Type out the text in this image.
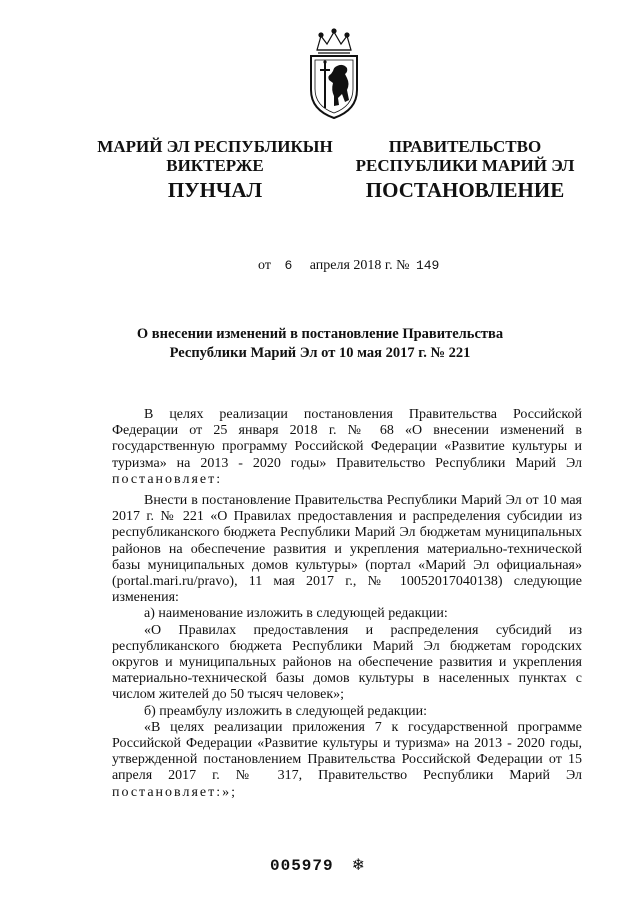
МАРИЙ ЭЛ РЕСПУБЛИКЫН
ВИКТЕРЖЕ
ПУНЧАЛ
ПРАВИТЕЛЬСТВО
РЕСПУБЛИКИ МАРИЙ ЭЛ
ПОСТАНОВЛЕНИЕ
от 6 апреля 2018 г. № 149
О внесении изменений в постановление Правительства
Республики Марий Эл от 10 мая 2017 г. № 221

В целях реализации постановления Правительства Российской Федерации от 25 января 2018 г. № 68 «О внесении изменений в государственную программу Российской Федерации «Развитие культуры и туризма» на 2013 - 2020 годы» Правительство Республики Марий Эл постановляет:

Внести в постановление Правительства Республики Марий Эл от 10 мая 2017 г. № 221 «О Правилах предоставления и распределения субсидии из республиканского бюджета Республики Марий Эл бюджетам муниципальных районов на обеспечение развития и укрепления материально-технической базы муниципальных домов культуры» (портал «Марий Эл официальная» (portal.mari.ru/pravo), 11 мая 2017 г., № 10052017040138) следующие изменения:

а) наименование изложить в следующей редакции:

«О Правилах предоставления и распределения субсидий из республиканского бюджета Республики Марий Эл бюджетам городских округов и муниципальных районов на обеспечение развития и укрепления материально-технической базы домов культуры в населенных пунктах с числом жителей до 50 тысяч человек»;

б) преамбулу изложить в следующей редакции:

«В целях реализации приложения 7 к государственной программе Российской Федерации «Развитие культуры и туризма» на 2013 - 2020 годы, утвержденной постановлением Правительства Российской Федерации от 15 апреля 2017 г. № 317, Правительство Республики Марий Эл постановляет:»;

005979 ❄
